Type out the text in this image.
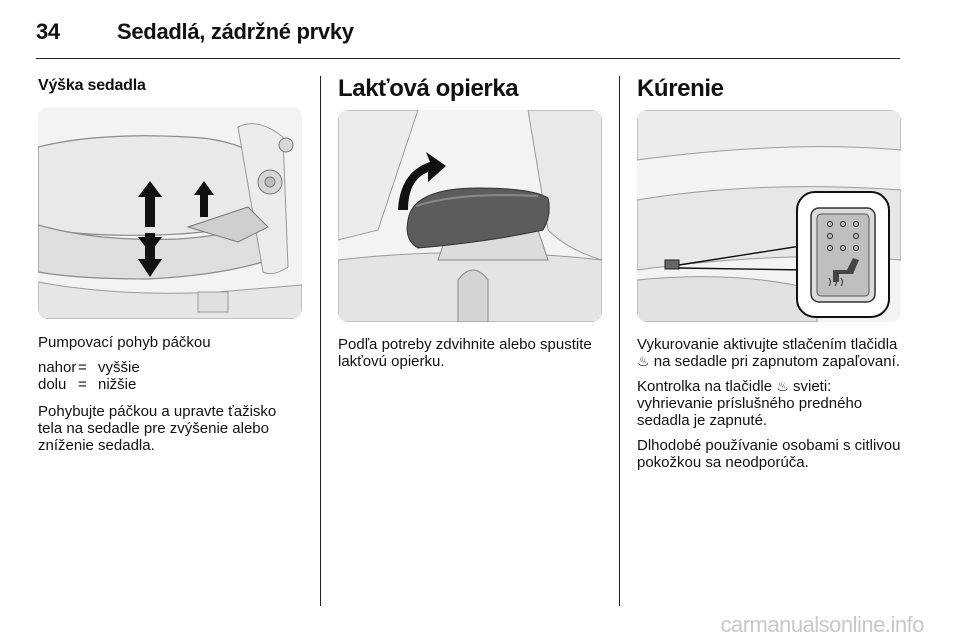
34	Sedadlá, zádržné prvky
Výška sedadla

Pumpovací pohyb páčkou

nahor	=	vyššie
dolu	=	nižšie

Pohybujte páčkou a upravte ťažisko tela na sedadle pre zvýšenie alebo zníženie sedadla.

Lakťová opierka

Podľa potreby zdvihnite alebo spustite lakťovú opierku.

Kúrenie

Vykurovanie aktivujte stlačením tlačidla ♨ na sedadle pri zapnutom zapaľovaní.

Kontrolka na tlačidle ♨ svieti: vyhrievanie príslušného predného sedadla je zapnuté.

Dlhodobé používanie osobami s citlivou pokožkou sa neodporúča.

carmanualsonline.info
